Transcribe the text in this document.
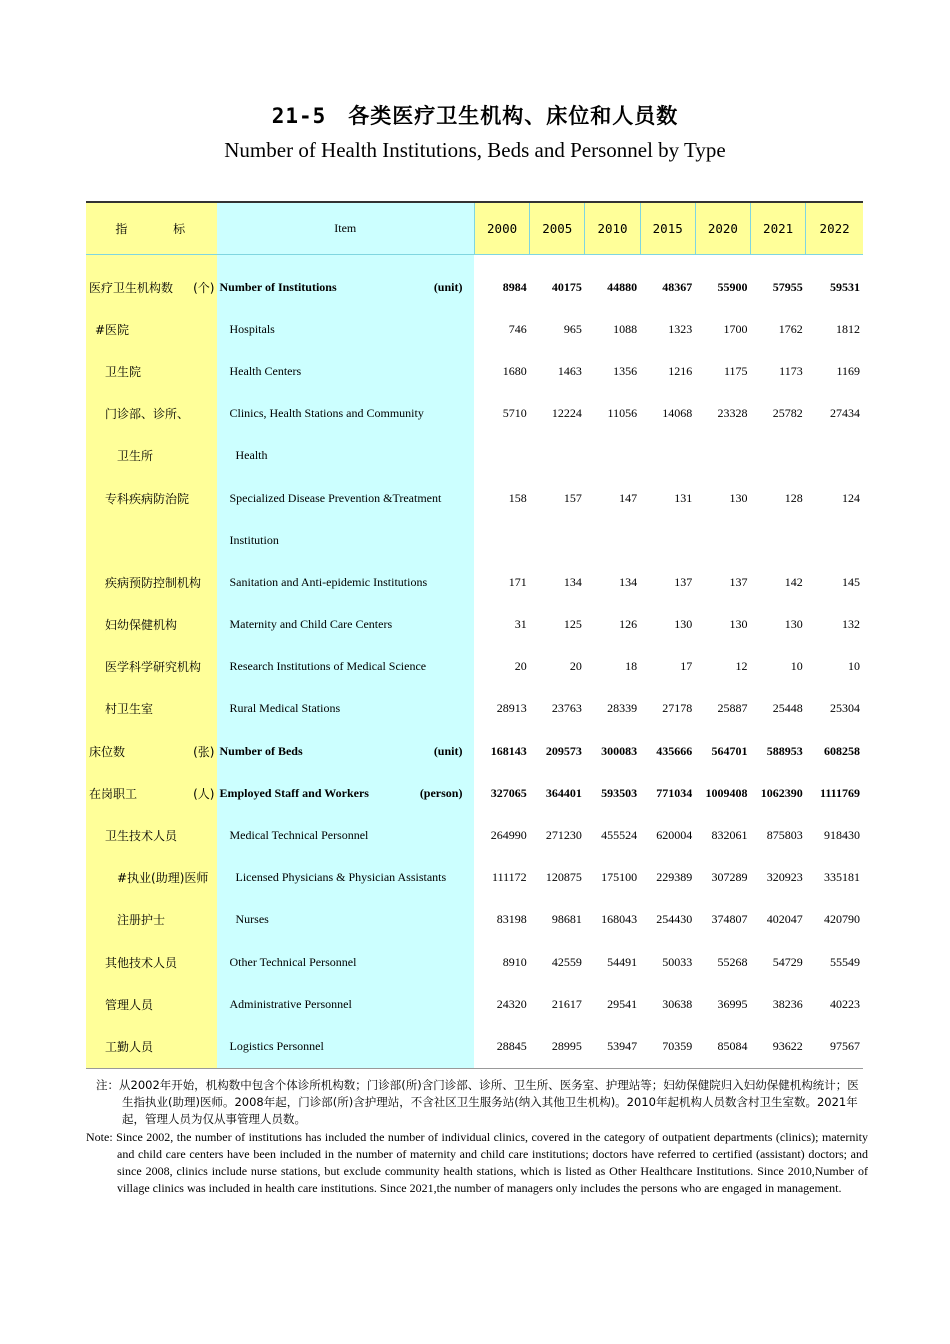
21-5 各类医疗卫生机构、床位和人员数
Number of Health Institutions, Beds and Personnel by Type
指 标	Item	2000	2005	2010	2015	2020	2021	2022

医疗卫生机构数 (个)	Number of Institutions (unit)	8984	40175	44880	48367	55900	57955	59531

#医院	Hospitals	746	965	1088	1323	1700	1762	1812

卫生院	Health Centers	1680	1463	1356	1216	1175	1173	1169

门诊部、诊所、	Clinics, Health Stations and Community	5710	12224	11056	14068	23328	25782	27434

卫生所	Health							

专科疾病防治院	Specialized Disease Prevention &Treatment	158	157	147	131	130	128	124

	Institution							

疾病预防控制机构	Sanitation and Anti-epidemic Institutions	171	134	134	137	137	142	145

妇幼保健机构	Maternity and Child Care Centers	31	125	126	130	130	130	132

医学科学研究机构	Research Institutions of Medical Science	20	20	18	17	12	10	10

村卫生室	Rural Medical Stations	28913	23763	28339	27178	25887	25448	25304

床位数 (张)	Number of Beds (unit)	168143	209573	300083	435666	564701	588953	608258

在岗职工 (人)	Employed Staff and Workers (person)	327065	364401	593503	771034	1009408	1062390	1111769

卫生技术人员	Medical Technical Personnel	264990	271230	455524	620004	832061	875803	918430

#执业(助理)医师	Licensed Physicians & Physician Assistants	111172	120875	175100	229389	307289	320923	335181

注册护士	Nurses	83198	98681	168043	254430	374807	402047	420790

其他技术人员	Other Technical Personnel	8910	42559	54491	50033	55268	54729	55549

管理人员	Administrative Personnel	24320	21617	29541	30638	36995	38236	40223

工勤人员	Logistics Personnel	28845	28995	53947	70359	85084	93622	97567
注：从2002年开始，机构数中包含个体诊所机构数；门诊部(所)含门诊部、诊所、卫生所、医务室、护理站等；妇幼保健院归入妇幼保健机构统计；医生指执业(助理)医师。2008年起，门诊部(所)含护理站，不含社区卫生服务站(纳入其他卫生机构)。2010年起机构人员数含村卫生室数。2021年起，管理人员为仅从事管理人员数。
Note: Since 2002, the number of institutions has included the number of individual clinics, covered in the category of outpatient departments (clinics); maternity and child care centers have been included in the number of maternity and child care institutions; doctors have referred to certified (assistant) doctors; and since 2008, clinics include nurse stations, but exclude community health stations, which is listed as Other Healthcare Institutions. Since 2010,Number of village clinics was included in health care institutions. Since 2021,the number of managers only includes the persons who are engaged in management.
